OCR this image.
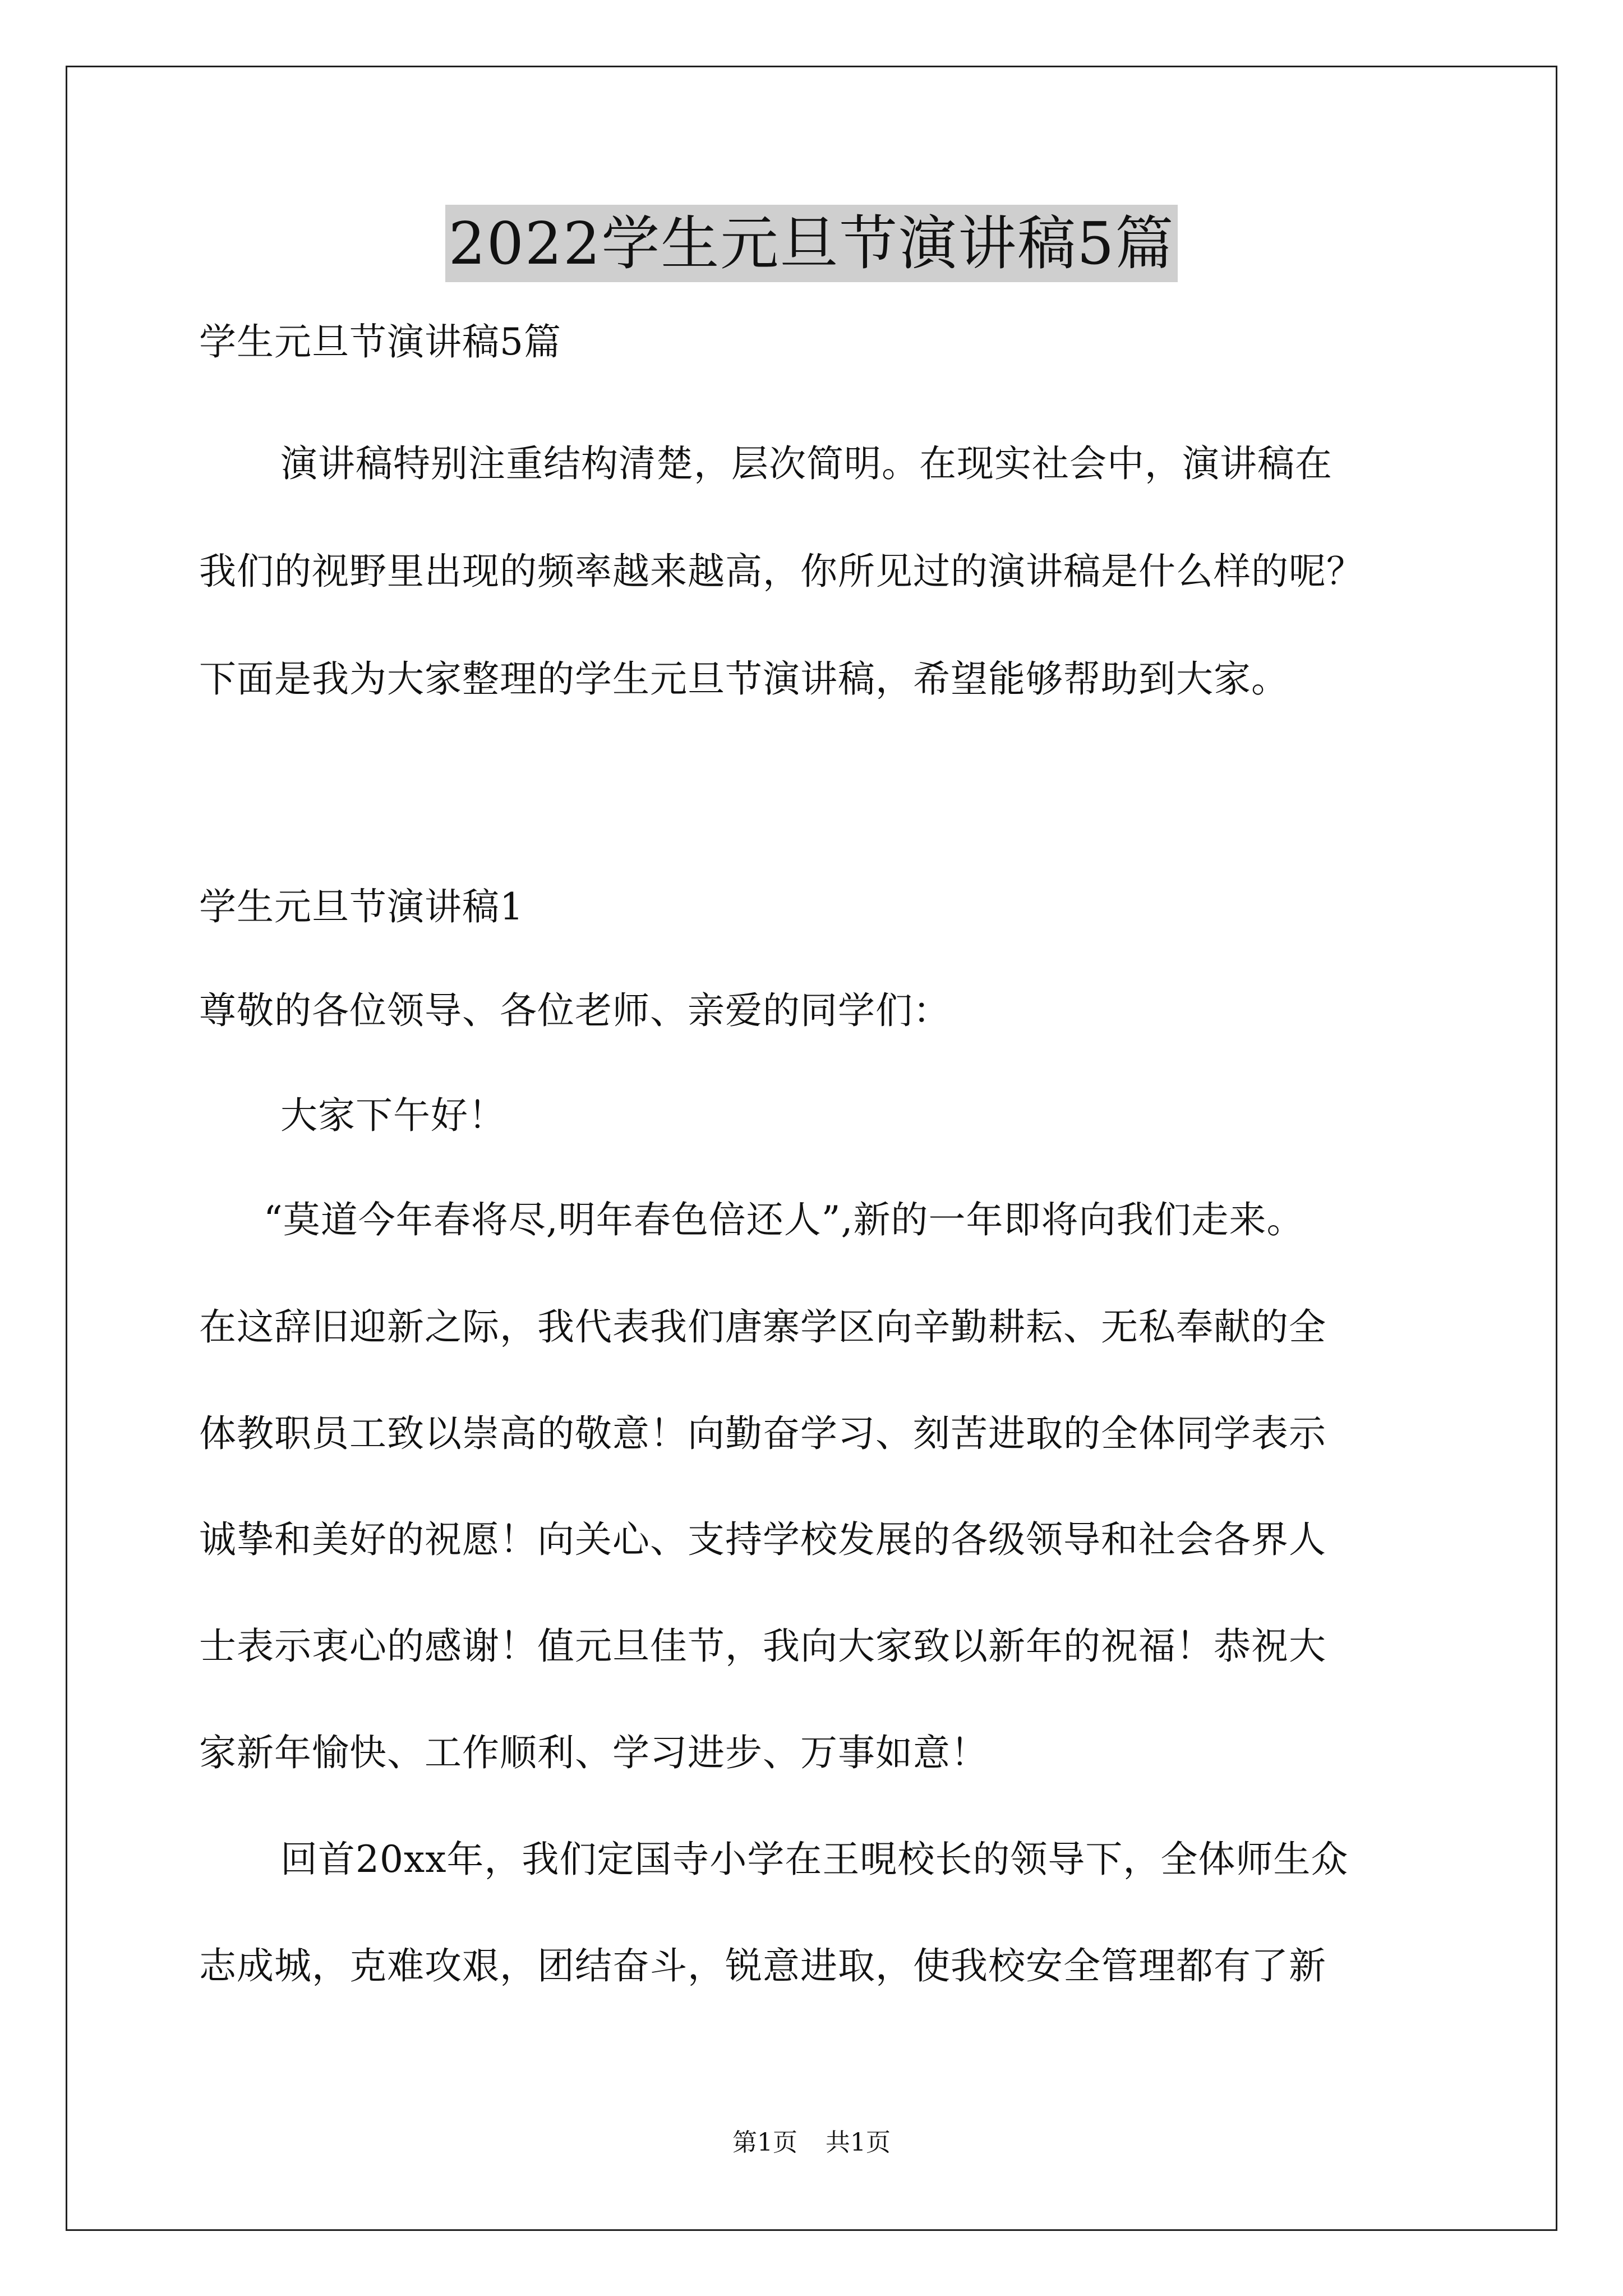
2022学生元旦节演讲稿5篇
学生元旦节演讲稿5篇
演讲稿特别注重结构清楚，层次简明。在现实社会中，演讲稿在
我们的视野里出现的频率越来越高，你所见过的演讲稿是什么样的呢？
下面是我为大家整理的学生元旦节演讲稿，希望能够帮助到大家。
学生元旦节演讲稿1
尊敬的各位领导、各位老师、亲爱的同学们：
大家下午好！
“莫道今年春将尽,明年春色倍还人”,新的一年即将向我们走来。
在这辞旧迎新之际，我代表我们唐寨学区向辛勤耕耘、无私奉献的全
体教职员工致以崇高的敬意！向勤奋学习、刻苦进取的全体同学表示
诚挚和美好的祝愿！向关心、支持学校发展的各级领导和社会各界人
士表示衷心的感谢！值元旦佳节，我向大家致以新年的祝福！恭祝大
家新年愉快、工作顺利、学习进步、万事如意！
回首20xx年，我们定国寺小学在王晛校长的领导下，全体师生众
志成城，克难攻艰，团结奋斗，锐意进取，使我校安全管理都有了新
第1页 共1页
